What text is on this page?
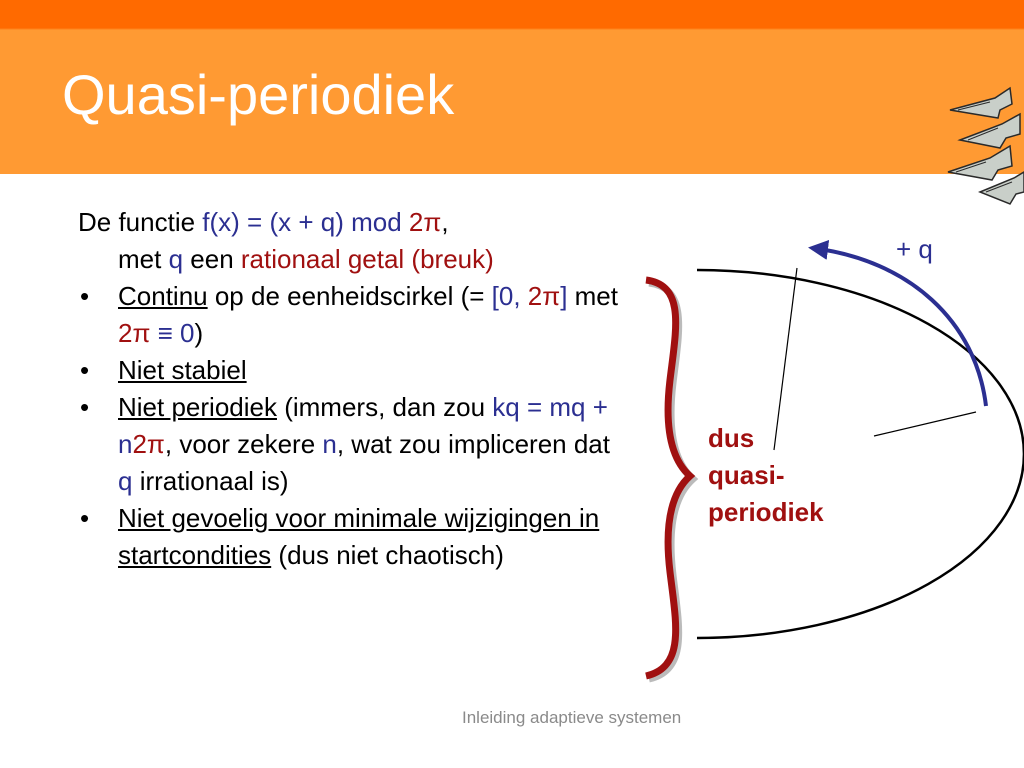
Quasi-periodiek

De functie f(x) = (x + q) mod 2π,
met q een rationaal getal (breuk)

• Continu op de eenheidscirkel (= [0, 2π] met 2π ≡ 0)
• Niet stabiel
• Niet periodiek (immers, dan zou kq = mq + n2π, voor zekere n, wat zou impliceren dat q irrationaal is)
• Niet gevoelig voor minimale wijzigingen in startcondities (dus niet chaotisch)
+ q
dus
quasi-
periodiek
Inleiding adaptieve systemen
